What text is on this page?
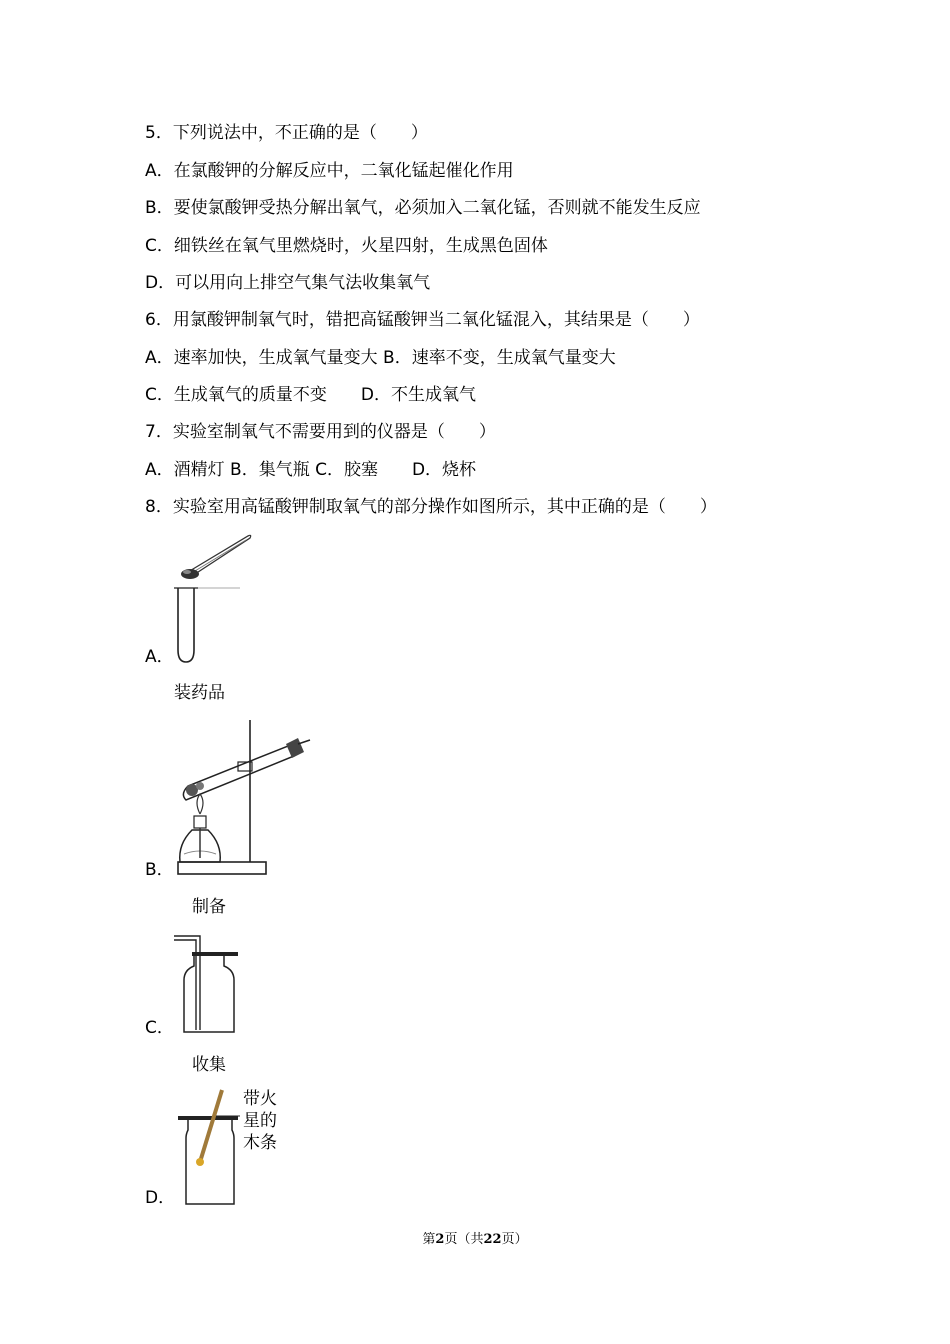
5．下列说法中，不正确的是（　　）
A．在氯酸钾的分解反应中，二氧化锰起催化作用
B．要使氯酸钾受热分解出氧气，必须加入二氧化锰，否则就不能发生反应
C．细铁丝在氧气里燃烧时，火星四射，生成黑色固体
D．可以用向上排空气集气法收集氧气
6．用氯酸钾制氧气时，错把高锰酸钾当二氧化锰混入，其结果是（　　）
A．速率加快，生成氧气量变大 B．速率不变，生成氧气量变大
C．生成氧气的质量不变　　D．不生成氧气
7．实验室制氧气不需要用到的仪器是（　　）
A．酒精灯 B．集气瓶 C．胶塞　　D．烧杯
8．实验室用高锰酸钾制取氧气的部分操作如图所示，其中正确的是（　　）
A．
装药品
B．
制备
C．
收集
带火
星的
木条
D．
第2页（共22页）
